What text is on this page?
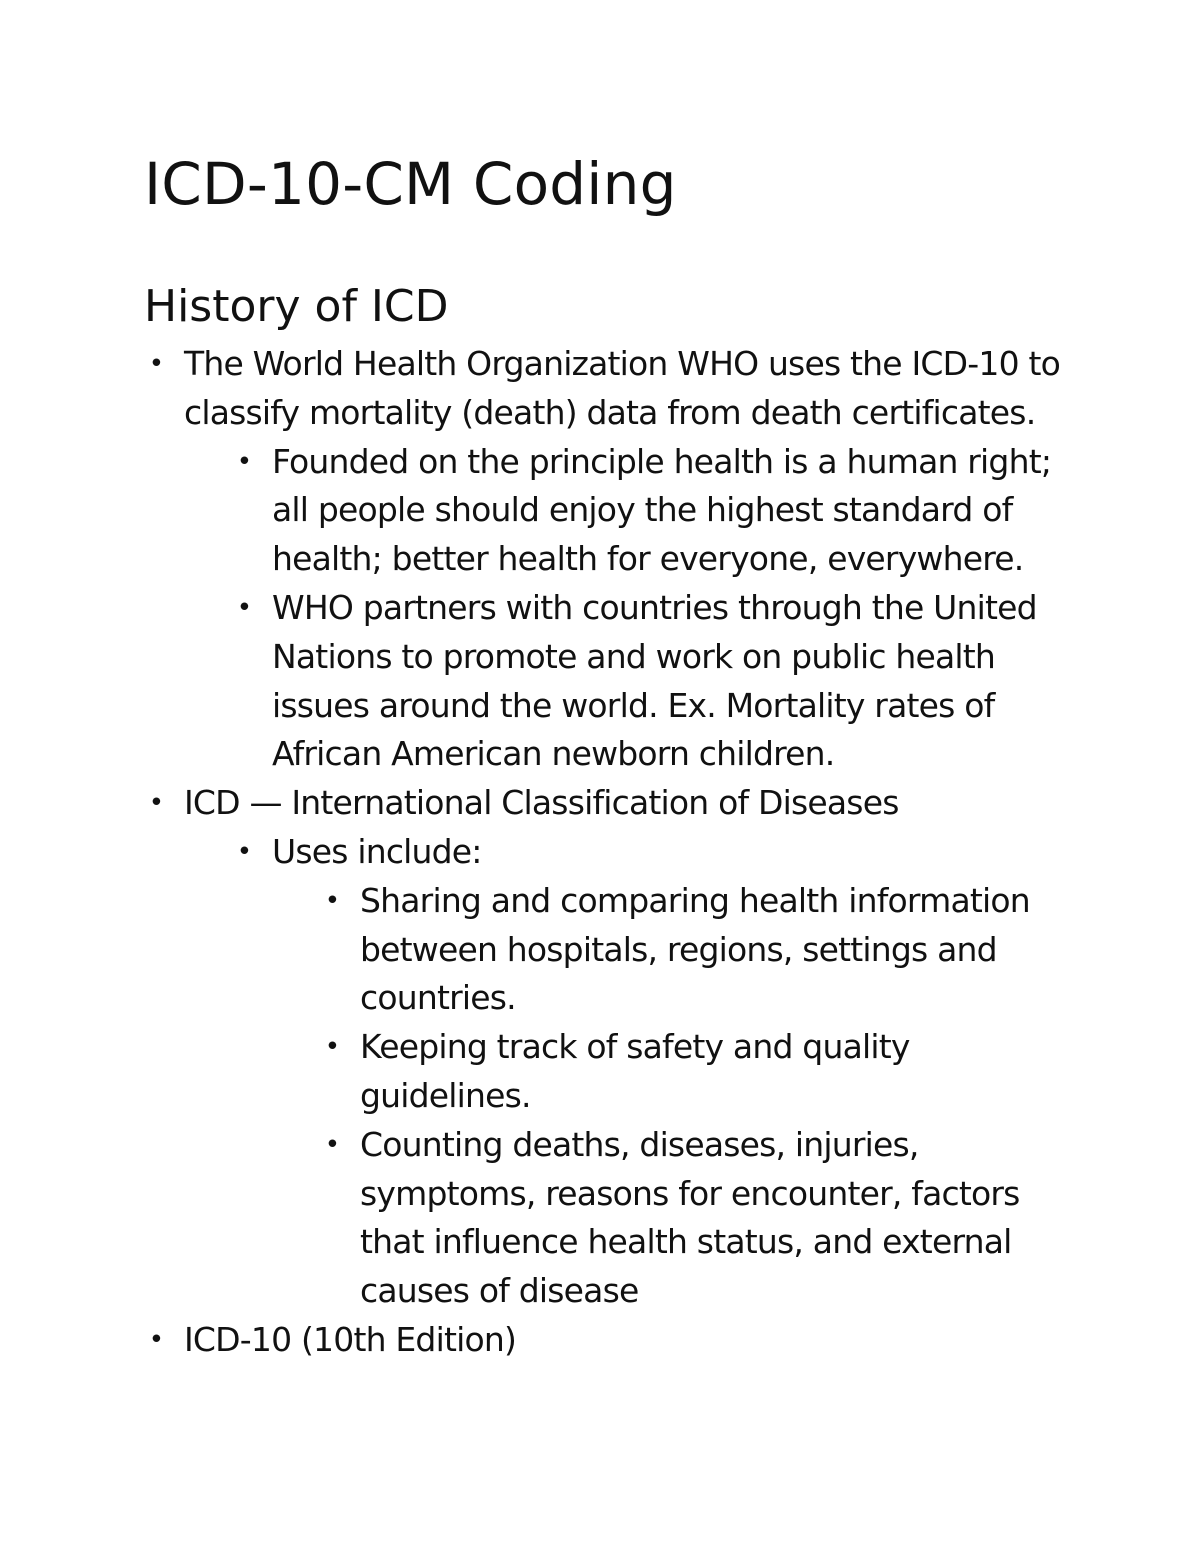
ICD-10-CM Coding
History of ICD
• The World Health Organization WHO uses the ICD-10 to classify mortality (death) data from death certificates.
• Founded on the principle health is a human right; all people should enjoy the highest standard of health; better health for everyone, everywhere.
• WHO partners with countries through the United Nations to promote and work on public health issues around the world. Ex. Mortality rates of African American newborn children.
• ICD — International Classification of Diseases
• Uses include:
• Sharing and comparing health information between hospitals, regions, settings and countries.
• Keeping track of safety and quality guidelines.
• Counting deaths, diseases, injuries, symptoms, reasons for encounter, factors that influence health status, and external causes of disease
• ICD-10 (10th Edition)
